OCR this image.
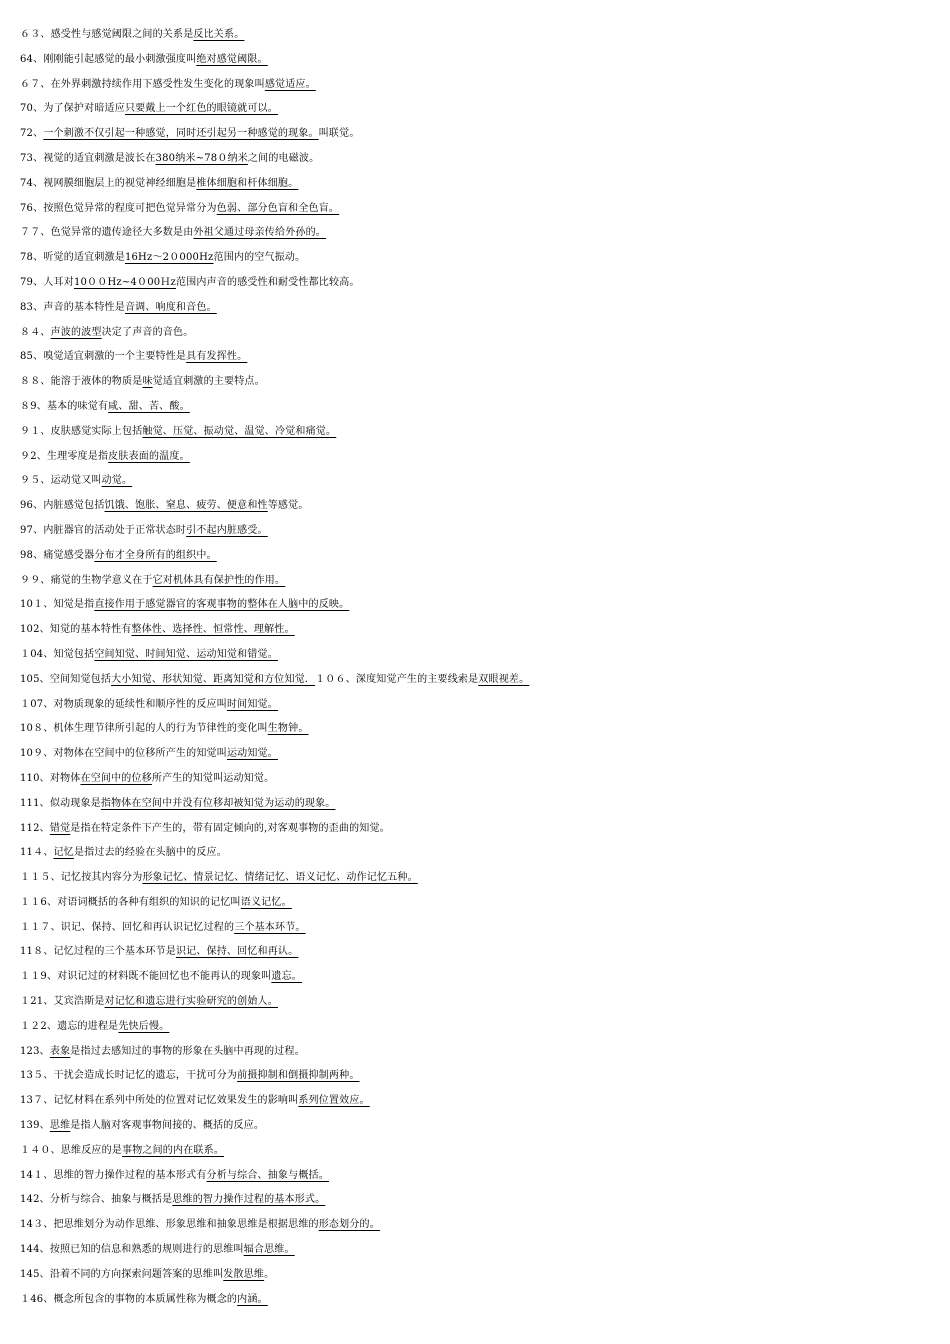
６３、感受性与感觉阈限之间的关系是反比关系。
64、刚刚能引起感觉的最小刺激强度叫绝对感觉阈限。
６７、在外界刺激持续作用下感受性发生变化的现象叫感觉适应。
70、为了保护对暗适应只要戴上一个红色的眼镜就可以。
72、一个刺激不仅引起一种感觉，同时还引起另一种感觉的现象。叫联觉。
73、视觉的适宜刺激是波长在380纳米~78０纳米之间的电磁波。
74、视网膜细胞层上的视觉神经细胞是椎体细胞和杆体细胞。
76、按照色觉异常的程度可把色觉异常分为色弱、部分色盲和全色盲。
７７、色觉异常的遗传途径大多数是由外祖父通过母亲传给外孙的。
78、听觉的适宜刺激是16Hz～2０000Hz范围内的空气振动。
79、人耳对10００Hz~4０00Ｈz范围内声音的感受性和耐受性都比较高。
83、声音的基本特性是音调、响度和音色。
８４、声波的波型决定了声音的音色。
85、嗅觉适宜刺激的一个主要特性是具有发挥性。
８８、能溶于液体的物质是味觉适宜刺激的主要特点。
８9、基本的味觉有咸、甜、苦、酸。
９１、皮肤感觉实际上包括触觉、压觉、振动觉、温觉、冷觉和痛觉。
９2、生理零度是指皮肤表面的温度。
９５、运动觉又叫动觉。
96、内脏感觉包括饥饿、饱胀、窒息、疲劳、便意和性等感觉。
97、内脏器官的活动处于正常状态时引不起内脏感受。
98、痛觉感受器分布才全身所有的组织中。
９９、痛觉的生物学意义在于它对机体具有保护性的作用。
10１、知觉是指直接作用于感觉器官的客观事物的整体在人脑中的反映。
102、知觉的基本特性有整体性、选择性、恒常性、理解性。
１04、知觉包括空间知觉、时间知觉、运动知觉和错觉。
105、空间知觉包括大小知觉、形状知觉、距离知觉和方位知觉．１０６、深度知觉产生的主要线索是双眼视差。
１07、对物质现象的延续性和顺序性的反应叫时间知觉。
10８、机体生理节律所引起的人的行为节律性的变化叫生物钟。
10９、对物体在空间中的位移所产生的知觉叫运动知觉。
110、对物体在空间中的位移所产生的知觉叫运动知觉。
111、似动现象是指物体在空间中并没有位移却被知觉为运动的现象。
112、错觉是指在特定条件下产生的，带有固定倾向的,对客观事物的歪曲的知觉。
11４、记忆是指过去的经验在头脑中的反应。
１１５、记忆按其内容分为形象记忆、情景记忆、情绪记忆、语义记忆、动作记忆五种。
１１6、对语词概括的各种有组织的知识的记忆叫语义记忆。
１１７、识记、保持、回忆和再认识记忆过程的三个基本环节。
11８、记忆过程的三个基本环节是识记、保持、回忆和再认。
１１9、对识记过的材料既不能回忆也不能再认的现象叫遗忘。
１21、艾宾浩斯是对记忆和遗忘进行实验研究的创始人。
１２2、遗忘的进程是先快后慢。
123、表象是指过去感知过的事物的形象在头脑中再现的过程。
13５、干扰会造成长时记忆的遗忘，干扰可分为前摄抑制和倒摄抑制两种。
13７、记忆材料在系列中所处的位置对记忆效果发生的影响叫系列位置效应。
139、思维是指人脑对客观事物间接的、概括的反应。
１４０、思维反应的是事物之间的内在联系。
14１、思维的智力操作过程的基本形式有分析与综合、抽象与概括。
142、分析与综合、抽象与概括是思维的智力操作过程的基本形式。
14３、把思维划分为动作思维、形象思维和抽象思维是根据思维的形态划分的。
144、按照已知的信息和熟悉的规则进行的思维叫辐合思维。
145、沿着不同的方向探索问题答案的思维叫发散思维。
１46、概念所包含的事物的本质属性称为概念的内涵。
